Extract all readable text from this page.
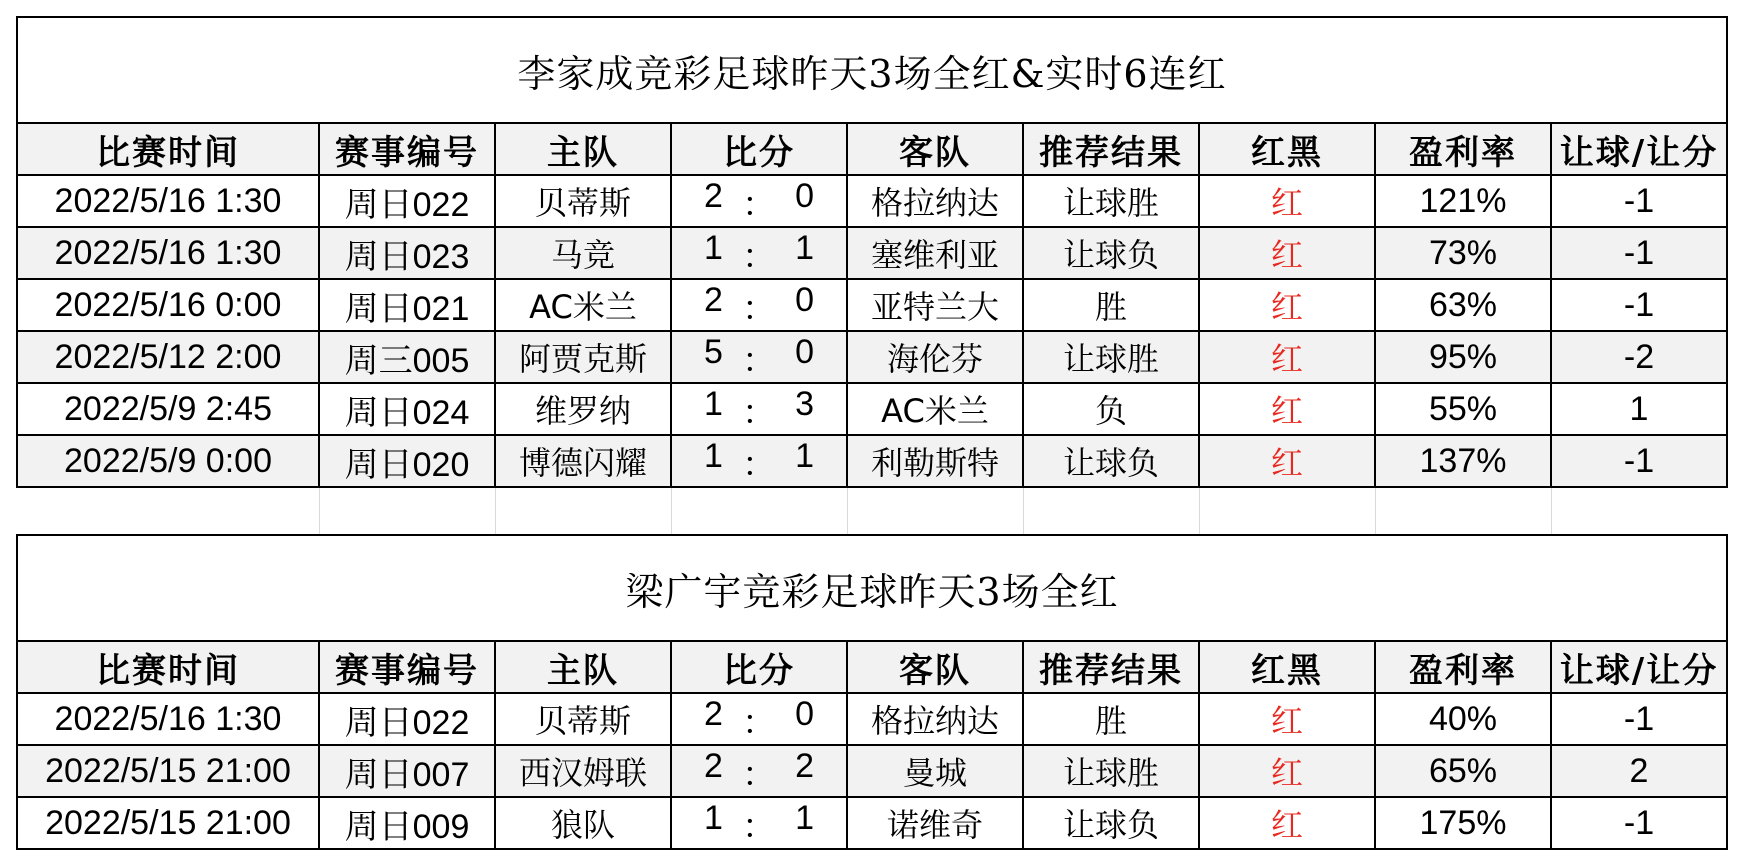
李家成竞彩足球昨天3场全红&实时6连红								
比赛时间	赛事编号	主队	比分	客队	推荐结果	红黑	盈利率	让球/让分
2022/5/16 1:30	周日022	贝蒂斯	2 ： 0	格拉纳达	让球胜	红	121%	-1
2022/5/16 1:30	周日023	马竞	1 ： 1	塞维利亚	让球负	红	73%	-1
2022/5/16 0:00	周日021	AC米兰	2 ： 0	亚特兰大	胜	红	63%	-1
2022/5/12 2:00	周三005	阿贾克斯	5 ： 0	海伦芬	让球胜	红	95%	-2
2022/5/9 2:45	周日024	维罗纳	1 ： 3	AC米兰	负	红	55%	1
2022/5/9 0:00	周日020	博德闪耀	1 ： 1	利勒斯特	让球负	红	137%	-1

梁广宇竞彩足球昨天3场全红								
比赛时间	赛事编号	主队	比分	客队	推荐结果	红黑	盈利率	让球/让分
2022/5/16 1:30	周日022	贝蒂斯	2 ： 0	格拉纳达	胜	红	40%	-1
2022/5/15 21:00	周日007	西汉姆联	2 ： 2	曼城	让球胜	红	65%	2
2022/5/15 21:00	周日009	狼队	1 ： 1	诺维奇	让球负	红	175%	-1
